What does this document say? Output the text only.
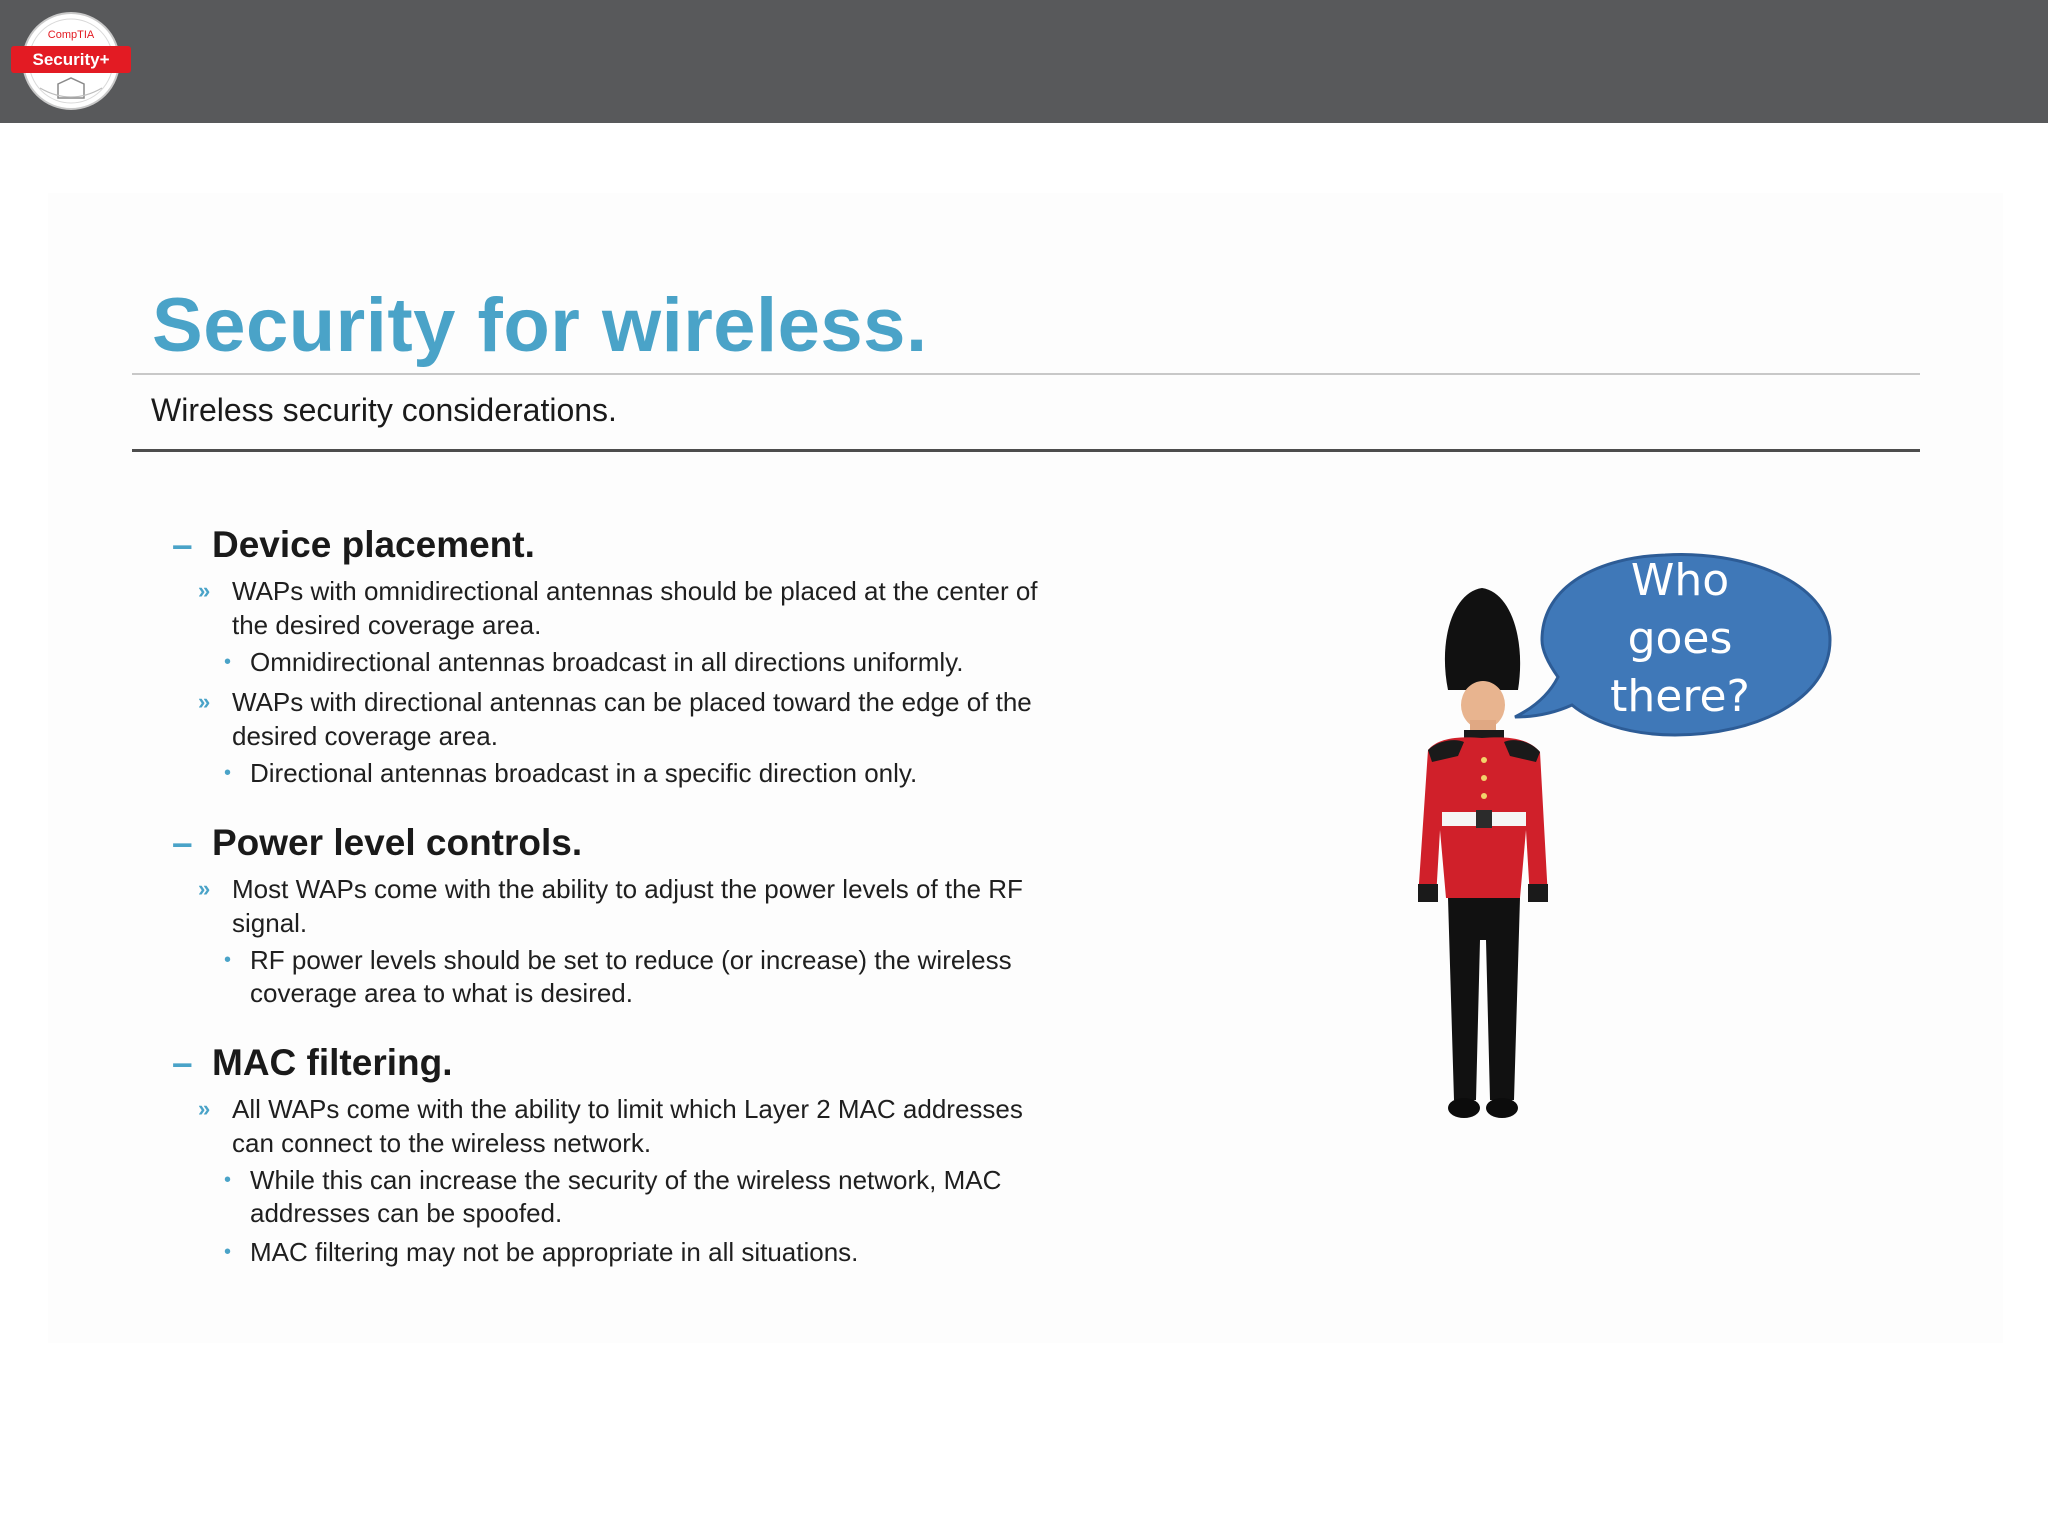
CompTIA
Security+
Security for wireless.
Wireless security considerations.
– Device placement.
» WAPs with omnidirectional antennas should be placed at the center of the desired coverage area.
• Omnidirectional antennas broadcast in all directions uniformly.
» WAPs with directional antennas can be placed toward the edge of the desired coverage area.
• Directional antennas broadcast in a specific direction only.
– Power level controls.
» Most WAPs come with the ability to adjust the power levels of the RF signal.
• RF power levels should be set to reduce (or increase) the wireless coverage area to what is desired.
– MAC filtering.
» All WAPs come with the ability to limit which Layer 2 MAC addresses can connect to the wireless network.
• While this can increase the security of the wireless network, MAC addresses can be spoofed.
• MAC filtering may not be appropriate in all situations.
Who
goes
there?
